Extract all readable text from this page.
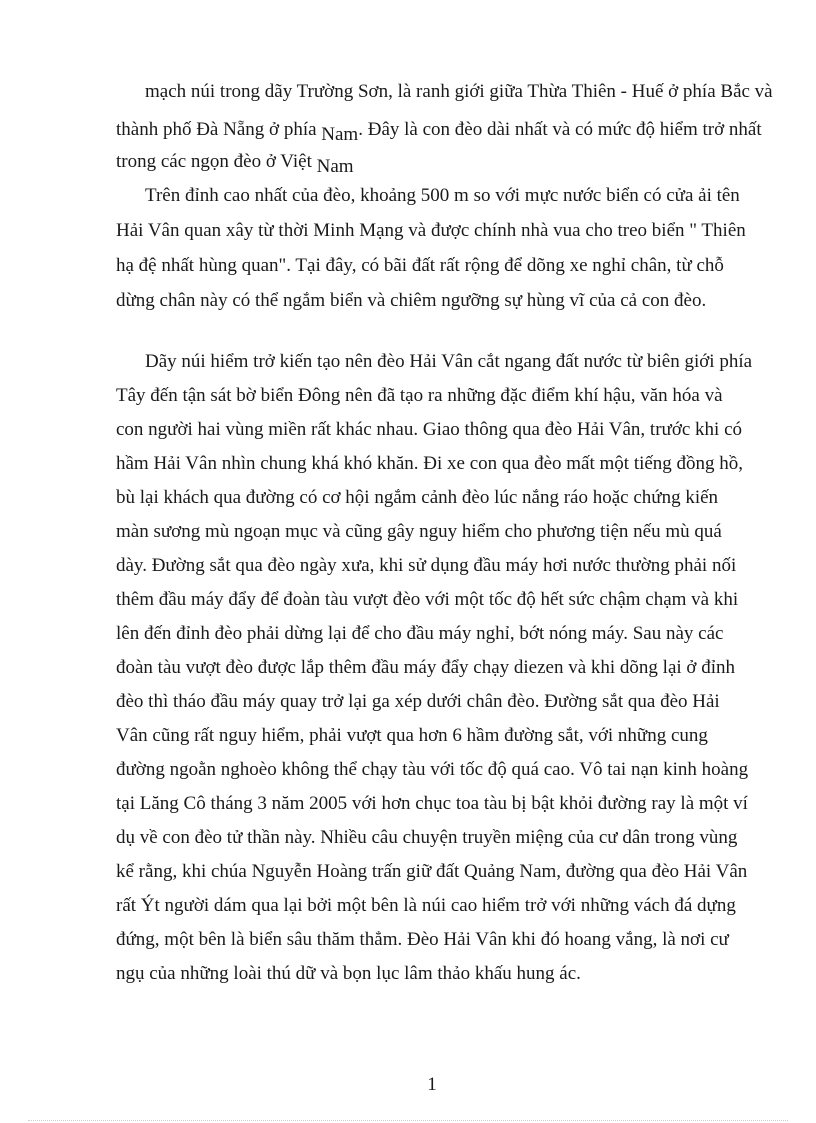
mạch núi trong dãy Trường Sơn, là ranh giới giữa Thừa Thiên - Huế ở phía Bắc và
thành phố Đà Nẵng ở phía Nam. Đây là con đèo dài nhất và có mức độ hiểm trở nhất
trong các ngọn đèo ở Việt Nam
Trên đỉnh cao nhất của đèo, khoảng 500 m so với mực nước biển có cửa ải tên
Hải Vân quan xây từ thời Minh Mạng và được chính nhà vua cho treo biển " Thiên
hạ đệ nhất hùng quan". Tại đây, có bãi đất rất rộng để dõng xe nghỉ chân, từ chỗ
dừng chân này có thể ngắm biển và chiêm ngưỡng sự hùng vĩ của cả con đèo.
Dãy núi hiểm trở kiến tạo nên đèo Hải Vân cắt ngang đất nước từ biên giới phía
Tây đến tận sát bờ biển Đông nên đã tạo ra những đặc điểm khí hậu, văn hóa và
con người hai vùng miền rất khác nhau. Giao thông qua đèo Hải Vân, trước khi có
hầm Hải Vân nhìn chung khá khó khăn. Đi xe con qua đèo mất một tiếng đồng hồ,
bù lại khách qua đường có cơ hội ngắm cảnh đèo lúc nắng ráo hoặc chứng kiến
màn sương mù ngoạn mục và cũng gây nguy hiểm cho phương tiện nếu mù quá
dày. Đường sắt qua đèo ngày xưa, khi sử dụng đầu máy hơi nước thường phải nối
thêm đầu máy đẩy để đoàn tàu vượt đèo với một tốc độ hết sức chậm chạm và khi
lên đến đỉnh đèo phải dừng lại để cho đầu máy nghỉ, bớt nóng máy. Sau này các
đoàn tàu vượt đèo được lắp thêm đầu máy đẩy chạy diezen và khi dõng lại ở đỉnh
đèo thì tháo đầu máy quay trở lại ga xép dưới chân đèo. Đường sắt qua đèo Hải
Vân cũng rất nguy hiểm, phải vượt qua hơn 6 hầm đường sắt, với những cung
đường ngoằn nghoèo không thể chạy tàu với tốc độ quá cao. Vô tai nạn kinh hoàng
tại Lăng Cô tháng 3 năm 2005 với hơn chục toa tàu bị bật khỏi đường ray là một ví
dụ về con đèo tử thần này. Nhiều câu chuyện truyền miệng của cư dân trong vùng
kể rằng, khi chúa Nguyễn Hoàng trấn giữ đất Quảng Nam, đường qua đèo Hải Vân
rất Ýt người dám qua lại bởi một bên là núi cao hiểm trở với những vách đá dựng
đứng, một bên là biển sâu thăm thẳm. Đèo Hải Vân khi đó hoang vắng, là nơi cư
ngụ của những loài thú dữ và bọn lục lâm thảo khấu hung ác.
1
